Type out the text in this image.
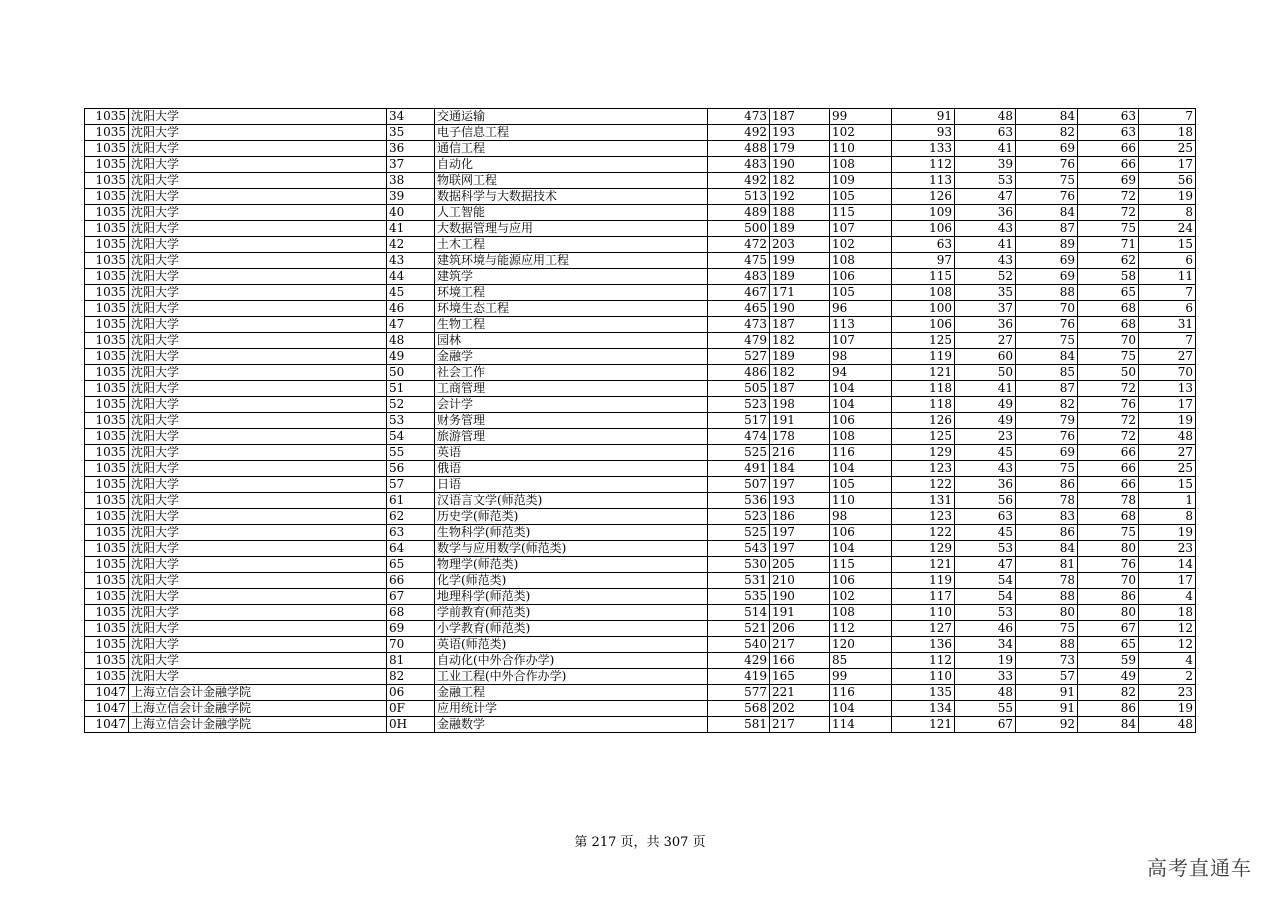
1035	沈阳大学	34	交通运输	473	187	99	91	48	84	63	7
1035	沈阳大学	35	电子信息工程	492	193	102	93	63	82	63	18
1035	沈阳大学	36	通信工程	488	179	110	133	41	69	66	25
1035	沈阳大学	37	自动化	483	190	108	112	39	76	66	17
1035	沈阳大学	38	物联网工程	492	182	109	113	53	75	69	56
1035	沈阳大学	39	数据科学与大数据技术	513	192	105	126	47	76	72	19
1035	沈阳大学	40	人工智能	489	188	115	109	36	84	72	8
1035	沈阳大学	41	大数据管理与应用	500	189	107	106	43	87	75	24
1035	沈阳大学	42	土木工程	472	203	102	63	41	89	71	15
1035	沈阳大学	43	建筑环境与能源应用工程	475	199	108	97	43	69	62	6
1035	沈阳大学	44	建筑学	483	189	106	115	52	69	58	11
1035	沈阳大学	45	环境工程	467	171	105	108	35	88	65	7
1035	沈阳大学	46	环境生态工程	465	190	96	100	37	70	68	6
1035	沈阳大学	47	生物工程	473	187	113	106	36	76	68	31
1035	沈阳大学	48	园林	479	182	107	125	27	75	70	7
1035	沈阳大学	49	金融学	527	189	98	119	60	84	75	27
1035	沈阳大学	50	社会工作	486	182	94	121	50	85	50	70
1035	沈阳大学	51	工商管理	505	187	104	118	41	87	72	13
1035	沈阳大学	52	会计学	523	198	104	118	49	82	76	17
1035	沈阳大学	53	财务管理	517	191	106	126	49	79	72	19
1035	沈阳大学	54	旅游管理	474	178	108	125	23	76	72	48
1035	沈阳大学	55	英语	525	216	116	129	45	69	66	27
1035	沈阳大学	56	俄语	491	184	104	123	43	75	66	25
1035	沈阳大学	57	日语	507	197	105	122	36	86	66	15
1035	沈阳大学	61	汉语言文学(师范类)	536	193	110	131	56	78	78	1
1035	沈阳大学	62	历史学(师范类)	523	186	98	123	63	83	68	8
1035	沈阳大学	63	生物科学(师范类)	525	197	106	122	45	86	75	19
1035	沈阳大学	64	数学与应用数学(师范类)	543	197	104	129	53	84	80	23
1035	沈阳大学	65	物理学(师范类)	530	205	115	121	47	81	76	14
1035	沈阳大学	66	化学(师范类)	531	210	106	119	54	78	70	17
1035	沈阳大学	67	地理科学(师范类)	535	190	102	117	54	88	86	4
1035	沈阳大学	68	学前教育(师范类)	514	191	108	110	53	80	80	18
1035	沈阳大学	69	小学教育(师范类)	521	206	112	127	46	75	67	12
1035	沈阳大学	70	英语(师范类)	540	217	120	136	34	88	65	12
1035	沈阳大学	81	自动化(中外合作办学)	429	166	85	112	19	73	59	4
1035	沈阳大学	82	工业工程(中外合作办学)	419	165	99	110	33	57	49	2
1047	上海立信会计金融学院	06	金融工程	577	221	116	135	48	91	82	23
1047	上海立信会计金融学院	0F	应用统计学	568	202	104	134	55	91	86	19
1047	上海立信会计金融学院	0H	金融数学	581	217	114	121	67	92	84	48
第 217 页，共 307 页
高考直通车
